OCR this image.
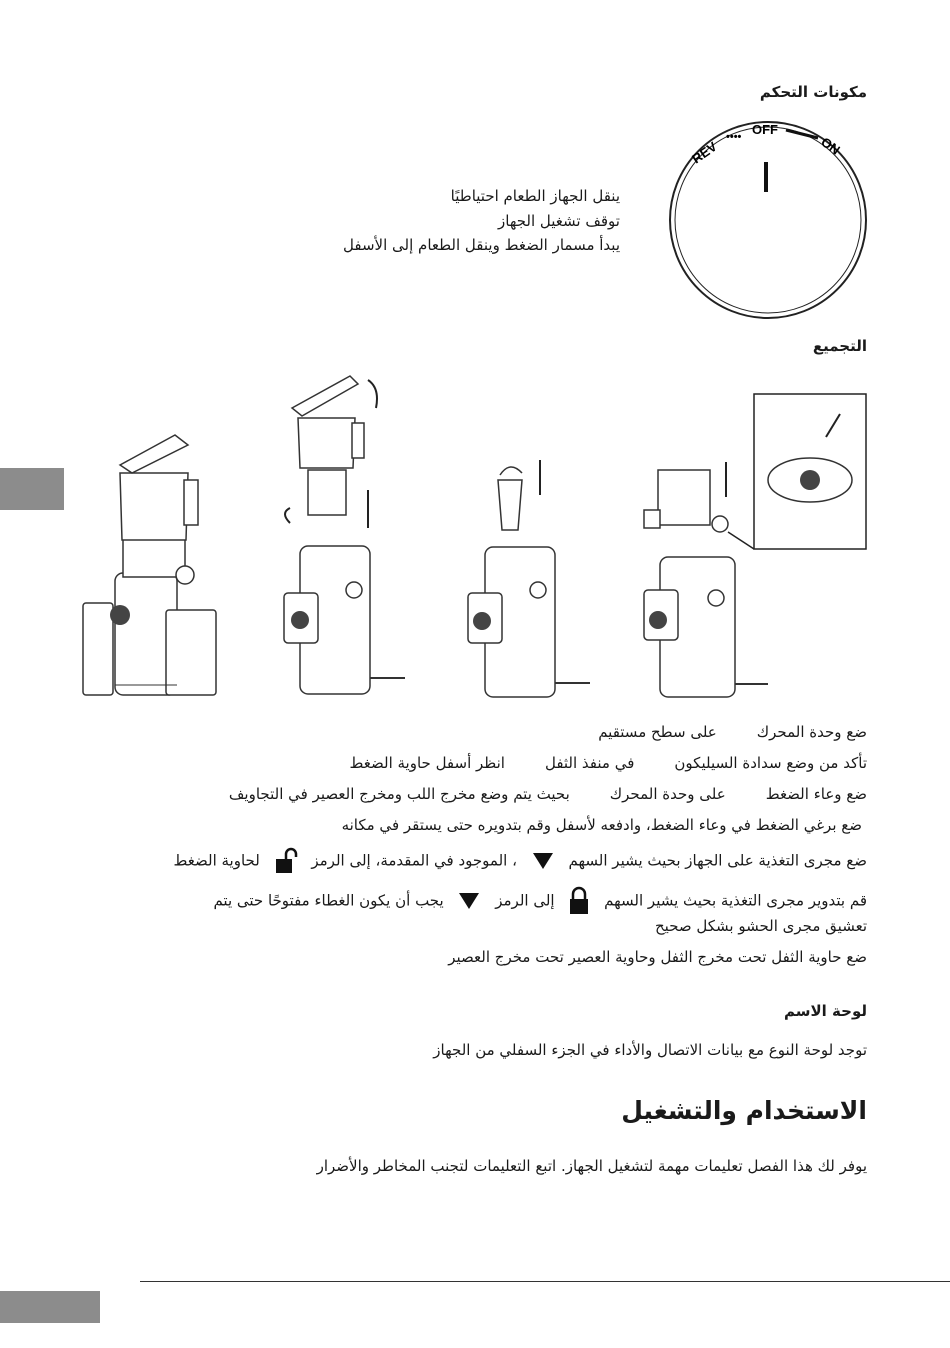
مكونات التحكم
REV
•••• OFF
ON
ينقل الجهاز الطعام احتياطيًا
توقف تشغيل الجهاز
يبدأ مسمار الضغط وينقل الطعام إلى الأسفل
التجميع
ضع وحدة المحركعلى سطح مستقيم
تأكد من وضع سدادة السيليكونفي منفذ الثفلانظر أسفل حاوية الضغط
ضع وعاء الضغطعلى وحدة المحركبحيث يتم وضع مخرج اللب ومخرج العصير في التجاويف
ضع برغي الضغط في وعاء الضغط، وادفعه لأسفل وقم بتدويره حتى يستقر في مكانه
ضع مجرى التغذية على الجهاز بحيث يشير السهم  ، الموجود في المقدمة، إلى الرمز  لحاوية الضغط
قم بتدوير مجرى التغذية بحيث يشير السهم  إلى الرمز  يجب أن يكون الغطاء مفتوحًا حتى يتم
تعشيق مجرى الحشو بشكل صحيح
ضع حاوية الثفل تحت مخرج الثفل وحاوية العصير تحت مخرج العصير
لوحة الاسم
توجد لوحة النوع مع بيانات الاتصال والأداء في الجزء السفلي من الجهاز
الاستخدام والتشغيل
يوفر لك هذا الفصل تعليمات مهمة لتشغيل الجهاز. اتبع التعليمات لتجنب المخاطر والأضرار
